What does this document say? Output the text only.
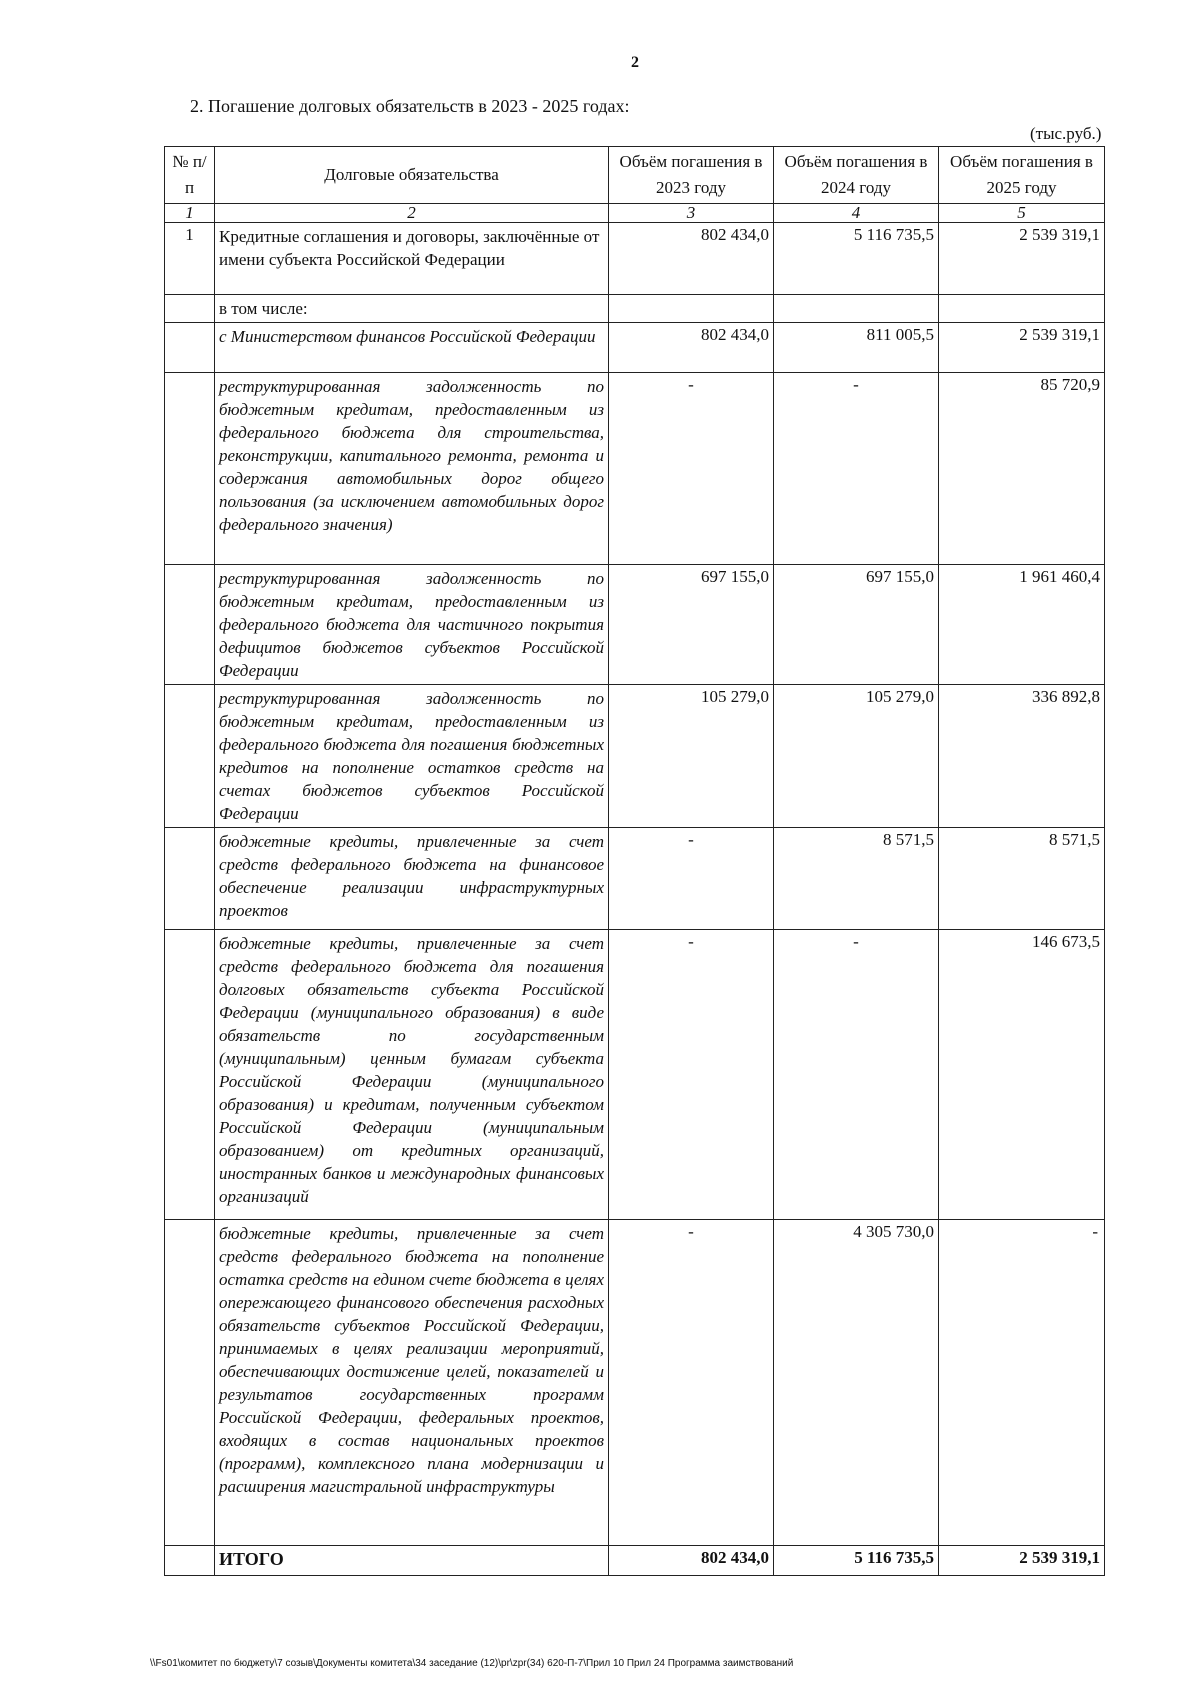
2
2. Погашение долговых обязательств в 2023 - 2025 годах:
(тыс.руб.)
№ п/п	Долговые обязательства	Объём погашения в 2023 году	Объём погашения в 2024 году	Объём погашения в 2025 году
1	2	3	4	5
1	Кредитные соглашения и договоры, заключённые от имени субъекта Российской Федерации	802 434,0	5 116 735,5	2 539 319,1
	в том числе:			
	с Министерством финансов Российской Федерации	802 434,0	811 005,5	2 539 319,1
	реструктурированная задолженность по бюджетным кредитам, предоставленным из федерального бюджета для строительства, реконструкции, капитального ремонта, ремонта и содержания автомобильных дорог общего пользования (за исключением автомобильных дорог федерального значения)	-	-	85 720,9
	реструктурированная задолженность по бюджетным кредитам, предоставленным из федерального бюджета для частичного покрытия дефицитов бюджетов субъектов Российской Федерации	697 155,0	697 155,0	1 961 460,4
	реструктурированная задолженность по бюджетным кредитам, предоставленным из федерального бюджета для погашения бюджетных кредитов на пополнение остатков средств на счетах бюджетов субъектов Российской Федерации	105 279,0	105 279,0	336 892,8
	бюджетные кредиты, привлеченные за счет средств федерального бюджета на финансовое обеспечение реализации инфраструктурных проектов	-	8 571,5	8 571,5
	бюджетные кредиты, привлеченные за счет средств федерального бюджета для погашения долговых обязательств субъекта Российской Федерации (муниципального образования) в виде обязательств по государственным (муниципальным) ценным бумагам субъекта Российской Федерации (муниципального образования) и кредитам, полученным субъектом Российской Федерации (муниципальным образованием) от кредитных организаций, иностранных банков и международных финансовых организаций	-	-	146 673,5
	бюджетные кредиты, привлеченные за счет средств федерального бюджета на пополнение остатка средств на едином счете бюджета в целях опережающего финансового обеспечения расходных обязательств субъектов Российской Федерации, принимаемых в целях реализации мероприятий, обеспечивающих достижение целей, показателей и результатов государственных программ Российской Федерации, федеральных проектов, входящих в состав национальных проектов (программ), комплексного плана модернизации и расширения магистральной инфраструктуры	-	4 305 730,0	-
	ИТОГО	802 434,0	5 116 735,5	2 539 319,1
\\Fs01\комитет по бюджету\7 созыв\Документы комитета\34 заседание (12)\pr\zpr(34) 620-П-7\Прил 10 Прил 24 Программа заимствований
